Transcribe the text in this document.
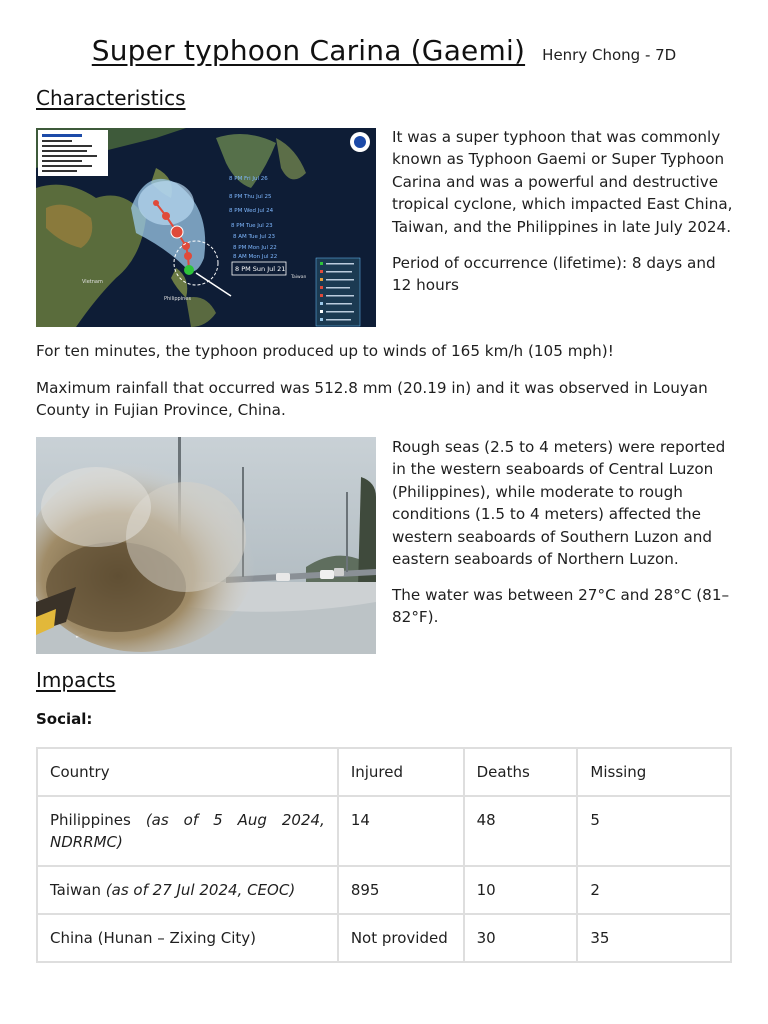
Super typhoon Carina (Gaemi) Henry Chong - 7D
Characteristics
8 PM Fri Jul 26
8 PM Thu Jul 25
8 PM Wed Jul 24
8 PM Tue Jul 23
8 AM Tue Jul 23
8 PM Mon Jul 22
8 AM Mon Jul 22
8 PM Sun Jul 21
Vietnam
Philippines
Taiwan
It was a super typhoon that was commonly known as Typhoon Gaemi or Super Typhoon Carina and was a powerful and destructive tropical cyclone, which impacted East China, Taiwan, and the Philippines in late July 2024.
Period of occurrence (lifetime): 8 days and 12 hours
For ten minutes, the typhoon produced up to winds of 165 km/h (105 mph)!
Maximum rainfall that occurred was 512.8 mm (20.19 in) and it was observed in Louyan County in Fujian Province, China.
Rough seas (2.5 to 4 meters) were reported in the western seaboards of Central Luzon (Philippines), while moderate to rough conditions (1.5 to 4 meters) affected the western seaboards of Southern Luzon and eastern seaboards of Northern Luzon.
The water was between 27°C and 28°C (81–82°F).
Impacts
Social:
Country	Injured	Deaths	Missing
Philippines (as of 5 Aug 2024, NDRRMC)	14	48	5
Taiwan (as of 27 Jul 2024, CEOC)	895	10	2
China (Hunan – Zixing City)	Not provided	30	35
